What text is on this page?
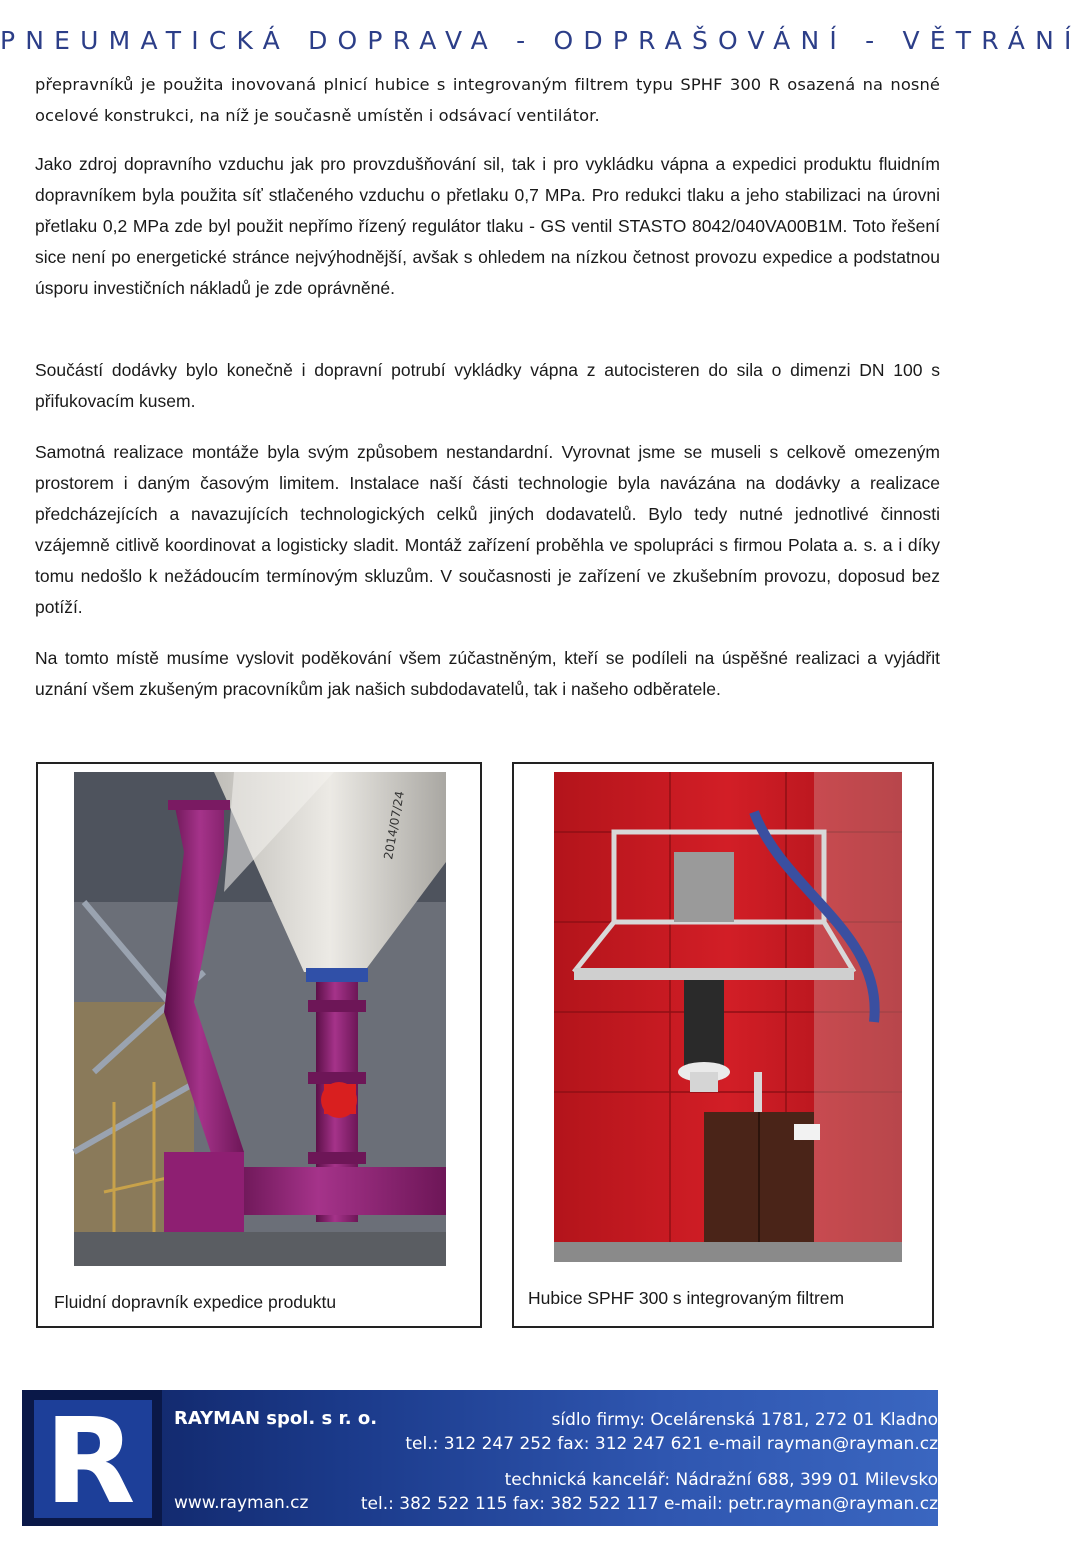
PNEUMATICKÁ DOPRAVA - ODPRAŠOVÁNÍ - VĚTRÁNÍ

přepravníků je použita inovovaná plnicí hubice s integrovaným filtrem typu SPHF 300 R osazená na nosné ocelové konstrukci, na níž je současně umístěn i odsávací ventilátor.

Jako zdroj dopravního vzduchu jak pro provzdušňování sil, tak i pro vykládku vápna a expedici produktu fluidním dopravníkem byla použita síť stlačeného vzduchu o přetlaku 0,7 MPa. Pro redukci tlaku a jeho stabilizaci na úrovni přetlaku 0,2 MPa zde byl použit nepřímo řízený regulátor tlaku - GS ventil STASTO 8042/040VA00B1M. Toto řešení sice není po energetické stránce nejvýhodnější, avšak s ohledem na nízkou četnost provozu expedice a podstatnou úsporu investičních nákladů je zde oprávněné.

Součástí dodávky bylo konečně i dopravní potrubí vykládky vápna z autocisteren do sila o dimenzi DN 100 s přifukovacím kusem.

Samotná realizace montáže byla svým způsobem nestandardní. Vyrovnat jsme se museli s celkově omezeným prostorem i daným časovým limitem. Instalace naší části technologie byla navázána na dodávky a realizace předcházejících a navazujících technologických celků jiných dodavatelů. Bylo tedy nutné jednotlivé činnosti vzájemně citlivě koordinovat a logisticky sladit. Montáž zařízení proběhla ve spolupráci s firmou Polata a. s. a i díky tomu nedošlo k nežádoucím termínovým skluzům. V současnosti je zařízení ve zkušebním provozu, doposud bez potíží.

Na tomto místě musíme vyslovit poděkování všem zúčastněným, kteří se podíleli na úspěšné realizaci a vyjádřit uznání všem zkušeným pracovníkům jak našich subdodavatelů, tak i našeho odběratele.

2014/07/24
Fluidní dopravník expedice produktu	Hubice SPHF 300 s integrovaným filtrem
R RAYMAN spol. s r. o.
www.rayman.cz
sídlo firmy: Ocelárenská 1781, 272 01 Kladno
tel.: 312 247 252 fax: 312 247 621 e-mail rayman@rayman.cz
technická kancelář: Nádražní 688, 399 01 Milevsko
tel.: 382 522 115 fax: 382 522 117 e-mail: petr.rayman@rayman.cz
